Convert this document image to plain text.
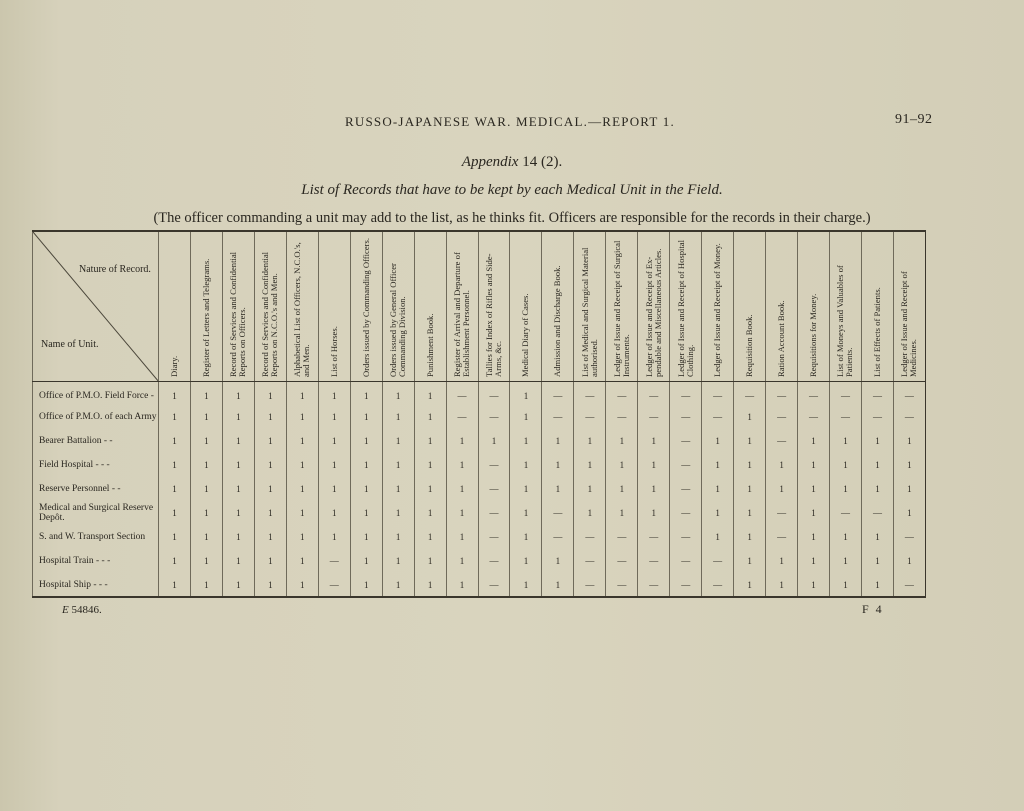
RUSSO-JAPANESE WAR. MEDICAL.—REPORT 1.	91–92
Appendix 14 (2).
List of Records that have to be kept by each Medical Unit in the Field.
(The officer commanding a unit may add to the list, as he thinks fit. Officers are responsible for the records in their charge.)
Nature of Record.
Name of Unit.	Diary.	Register of Letters and Telegrams.	Record of Services and Confidential Reports on Officers.	Record of Services and Confidential Reports on N.C.O.'s and Men.	Alphabetical List of Officers, N.C.O.'s, and Men.	List of Horses.	Orders issued by Commanding Officers.	Orders issued by General Officer Commanding Division.	Punishment Book.	Register of Arrival and Departure of Establishment Personnel.	Tallies for Index of Rifles and Side-Arms, &c.	Medical Diary of Cases.	Admission and Discharge Book.	List of Medical and Surgical Material authorised.	Ledger of Issue and Receipt of Surgical Instruments.	Ledger of Issue and Receipt of Ex-pendable and Miscellaneous Articles.	Ledger of Issue and Receipt of Hospital Clothing.	Ledger of Issue and Receipt of Money.	Requisition Book.	Ration Account Book.	Requisitions for Money.	List of Moneys and Valuables of Patients.	List of Effects of Patients.	Ledger of Issue and Receipt of Medicines.

Office of P.M.O. Field Force -	1	1	1	1	1	1	1	1	1	—	—	1	—	—	—	—	—	—	—	—	—	—	—	—
Office of P.M.O. of each Army	1	1	1	1	1	1	1	1	1	—	—	1	—	—	—	—	—	—	1	—	—	—	—	—
Bearer Battalion - -	1	1	1	1	1	1	1	1	1	1	1	1	1	1	1	1	—	1	1	—	1	1	1	1
Field Hospital - - -	1	1	1	1	1	1	1	1	1	1	—	1	1	1	1	1	—	1	1	1	1	1	1	1
Reserve Personnel - -	1	1	1	1	1	1	1	1	1	1	—	1	1	1	1	1	—	1	1	1	1	1	1	1
Medical and Surgical Reserve Depôt.	1	1	1	1	1	1	1	1	1	1	—	1	—	1	1	1	—	1	1	—	1	—	—	1
S. and W. Transport Section	1	1	1	1	1	1	1	1	1	1	—	1	—	—	—	—	—	1	1	—	1	1	1	—
Hospital Train - - -	1	1	1	1	1	—	1	1	1	1	—	1	1	—	—	—	—	—	1	1	1	1	1	1
Hospital Ship - - -	1	1	1	1	1	—	1	1	1	1	—	1	1	—	—	—	—	—	1	1	1	1	1	—
E 54846.	F 4
